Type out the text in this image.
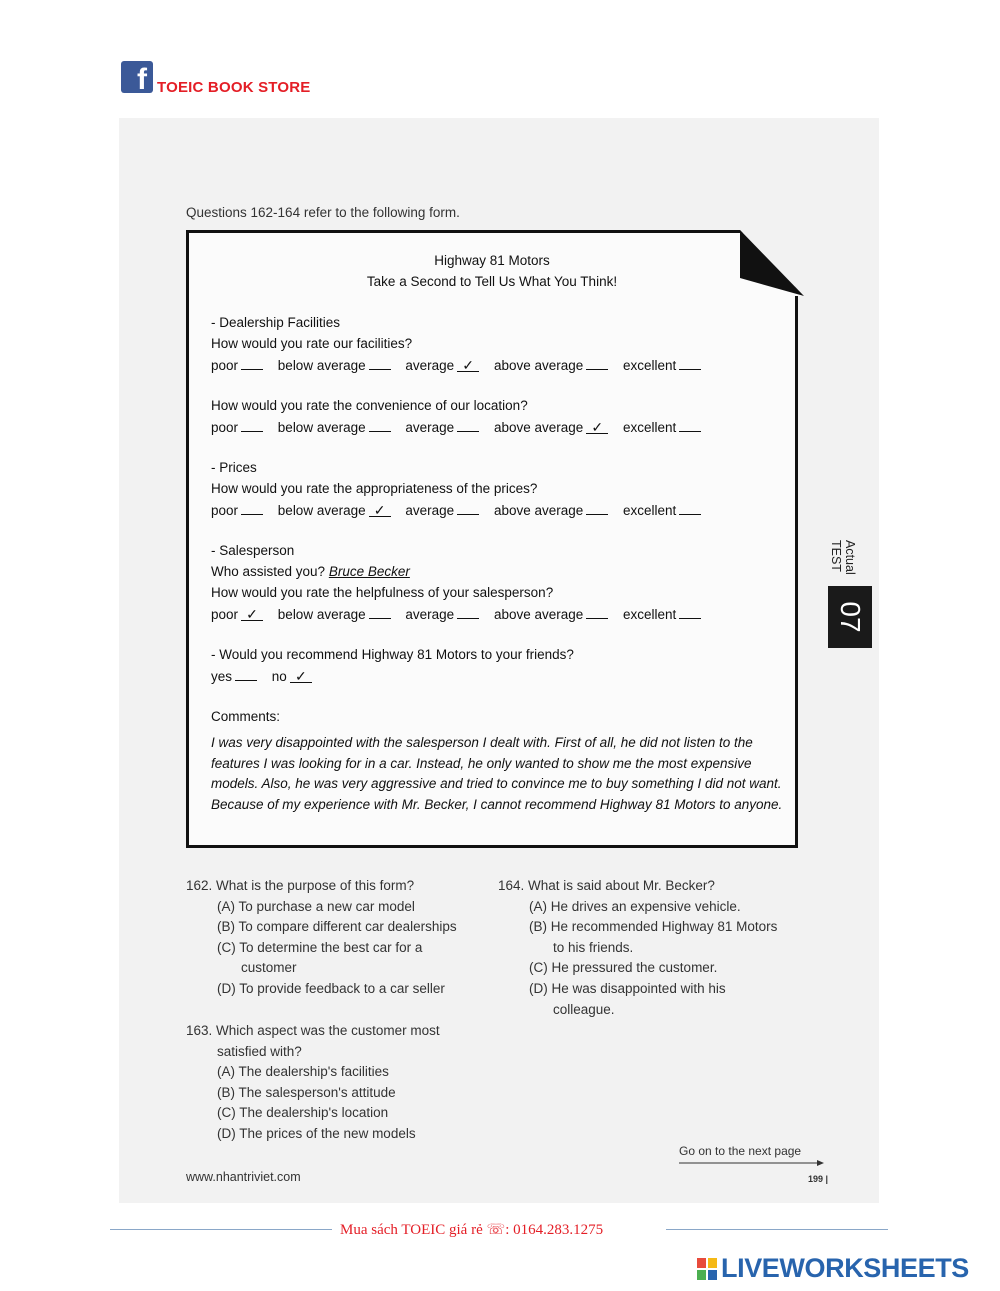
f TOEIC BOOK STORE
Questions 162-164 refer to the following form.
Highway 81 Motors
Take a Second to Tell Us What You Think!
- Dealership Facilities
How would you rate our facilities?
poor	below average	average ✓ above average	excellent
How would you rate the convenience of our location?
poor	below average	average	above average ✓ excellent
- Prices
How would you rate the appropriateness of the prices?
poor	below average ✓ average	above average	excellent
- Salesperson
Who assisted you? Bruce Becker
How would you rate the helpfulness of your salesperson?
poor ✓ below average	average	above average	excellent
- Would you recommend Highway 81 Motors to your friends?
yes	no ✓
Comments:
I was very disappointed with the salesperson I dealt with. First of all, he did not listen to the features I was looking for in a car. Instead, he only wanted to show me the most expensive models. Also, he was very aggressive and tried to convince me to buy something I did not want. Because of my experience with Mr. Becker, I cannot recommend Highway 81 Motors to anyone.
Actual
TEST
07
162. What is the purpose of this form?
(A) To purchase a new car model
(B) To compare different car dealerships
(C) To determine the best car for a
customer
(D) To provide feedback to a car seller
163. Which aspect was the customer most
satisfied with?
(A) The dealership's facilities
(B) The salesperson's attitude
(C) The dealership's location
(D) The prices of the new models
164. What is said about Mr. Becker?
(A) He drives an expensive vehicle.
(B) He recommended Highway 81 Motors
to his friends.
(C) He pressured the customer.
(D) He was disappointed with his
colleague.
Go on to the next page
www.nhantriviet.com	199 |
Mua sách TOEIC giá rẻ ☏: 0164.283.1275
LIVEWORKSHEETS
